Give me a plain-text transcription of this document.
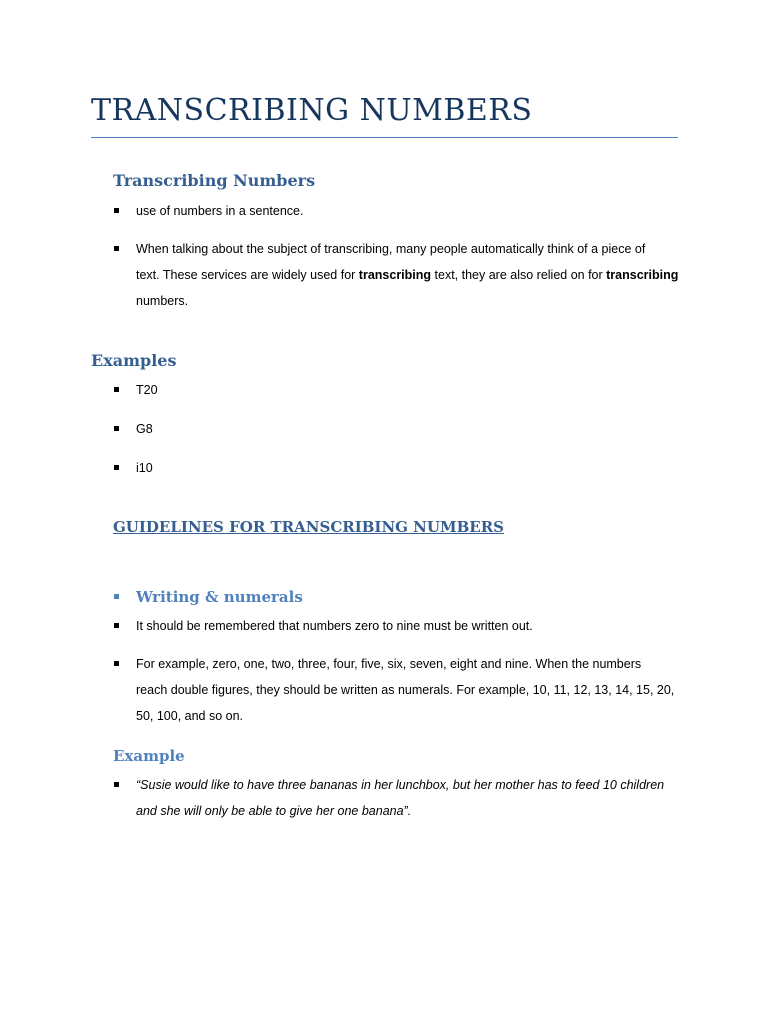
TRANSCRIBING NUMBERS
Transcribing Numbers
use of numbers in a sentence.
When talking about the subject of transcribing, many people automatically think of a piece of
text. These services are widely used for transcribing text, they are also relied on for transcribing
numbers.
Examples
T20
G8
i10
GUIDELINES FOR TRANSCRIBING NUMBERS
Writing & numerals
It should be remembered that numbers zero to nine must be written out.
For example, zero, one, two, three, four, five, six, seven, eight and nine. When the numbers
reach double figures, they should be written as numerals. For example, 10, 11, 12, 13, 14, 15, 20,
50, 100, and so on.
Example
“Susie would like to have three bananas in her lunchbox, but her mother has to feed 10 children
and she will only be able to give her one banana”.
